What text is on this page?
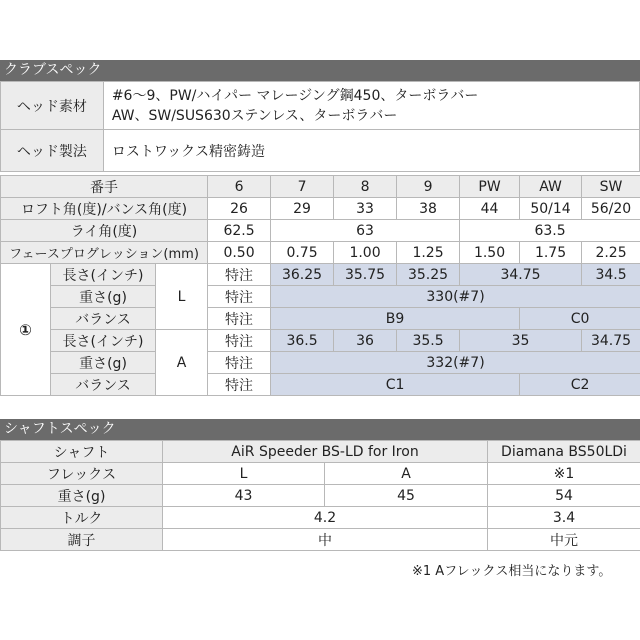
クラブスペック
ヘッド素材	#6～9、PW/ハイパー マレージング鋼450、ターボラバー
AW、SW/SUS630ステンレス、ターボラバー

ヘッド製法	ロストワックス精密鋳造
番手			6	7	8	9	PW	AW	SW
ロフト角(度)/バンス角(度)			26	29	33	38	44	50/14	56/20
ライ角(度)			62.5	63			63.5		
フェースプログレッション(mm)			0.50	0.75	1.00	1.25	1.50	1.75	2.25
①	長さ(インチ)	L	特注	36.25	35.75	35.25	34.75		34.5
	重さ(g)		特注	330(#7)					
	バランス		特注	B9				C0	
	長さ(インチ)	A	特注	36.5	36	35.5	35		34.75
	重さ(g)		特注	332(#7)					
	バランス		特注	C1				C2	
シャフトスペック
シャフト	AiR Speeder BS-LD for Iron		Diamana BS50LDi
フレックス	L	A	※1
重さ(g)	43	45	54
トルク	4.2		3.4
調子	中		中元
※1 Aフレックス相当になります。
